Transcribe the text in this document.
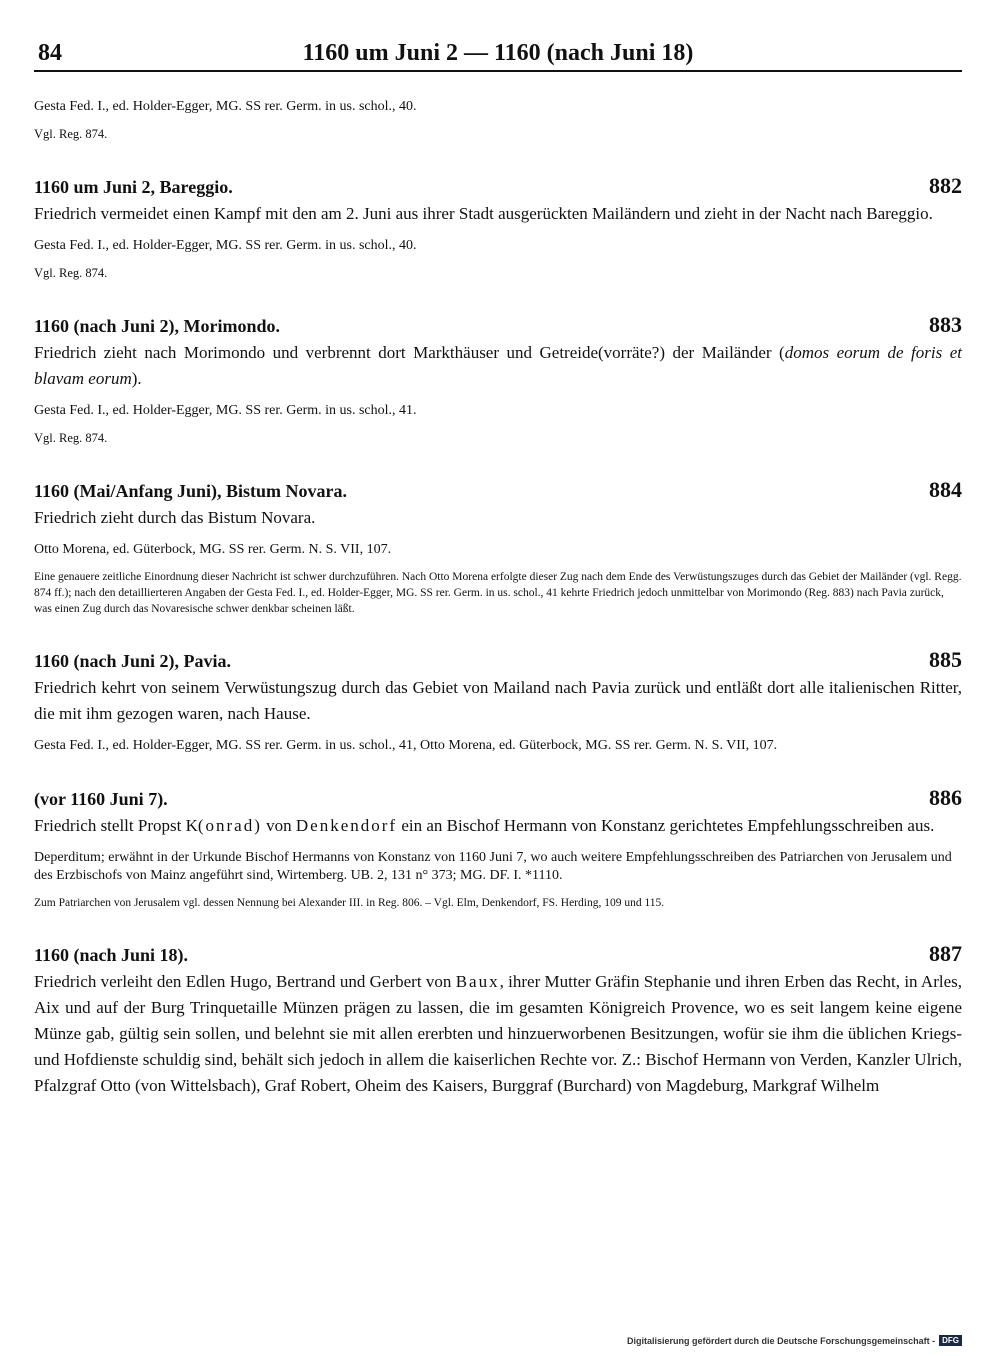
84	1160 um Juni 2 — 1160 (nach Juni 18)

Gesta Fed. I., ed. Holder-Egger, MG. SS rer. Germ. in us. schol., 40.

Vgl. Reg. 874.

1160 um Juni 2, Bareggio.	882

Friedrich vermeidet einen Kampf mit den am 2. Juni aus ihrer Stadt ausgerückten Mailändern und zieht in der Nacht nach Bareggio.

Gesta Fed. I., ed. Holder-Egger, MG. SS rer. Germ. in us. schol., 40.

Vgl. Reg. 874.

1160 (nach Juni 2), Morimondo.	883

Friedrich zieht nach Morimondo und verbrennt dort Markthäuser und Getreide(vorräte?) der Mailänder (domos eorum de foris et blavam eorum).

Gesta Fed. I., ed. Holder-Egger, MG. SS rer. Germ. in us. schol., 41.

Vgl. Reg. 874.

1160 (Mai/Anfang Juni), Bistum Novara.	884

Friedrich zieht durch das Bistum Novara.

Otto Morena, ed. Güterbock, MG. SS rer. Germ. N. S. VII, 107.

Eine genauere zeitliche Einordnung dieser Nachricht ist schwer durchzuführen. Nach Otto Morena erfolgte dieser Zug nach dem Ende des Verwüstungszuges durch das Gebiet der Mailänder (vgl. Regg. 874 ff.); nach den detaillierteren Angaben der Gesta Fed. I., ed. Holder-Egger, MG. SS rer. Germ. in us. schol., 41 kehrte Friedrich jedoch unmittelbar von Morimondo (Reg. 883) nach Pavia zurück, was einen Zug durch das Novaresische schwer denkbar scheinen läßt.

1160 (nach Juni 2), Pavia.	885

Friedrich kehrt von seinem Verwüstungszug durch das Gebiet von Mailand nach Pavia zurück und entläßt dort alle italienischen Ritter, die mit ihm gezogen waren, nach Hause.

Gesta Fed. I., ed. Holder-Egger, MG. SS rer. Germ. in us. schol., 41, Otto Morena, ed. Güterbock, MG. SS rer. Germ. N. S. VII, 107.

(vor 1160 Juni 7).	886

Friedrich stellt Propst K(onrad) von Denkendorf ein an Bischof Hermann von Konstanz gerichtetes Empfehlungsschreiben aus.

Deperditum; erwähnt in der Urkunde Bischof Hermanns von Konstanz von 1160 Juni 7, wo auch weitere Empfehlungsschreiben des Patriarchen von Jerusalem und des Erzbischofs von Mainz angeführt sind, Wirtemberg. UB. 2, 131 n° 373; MG. DF. I. *1110.

Zum Patriarchen von Jerusalem vgl. dessen Nennung bei Alexander III. in Reg. 806. – Vgl. Elm, Denkendorf, FS. Herding, 109 und 115.

1160 (nach Juni 18).	887

Friedrich verleiht den Edlen Hugo, Bertrand und Gerbert von Baux, ihrer Mutter Gräfin Stephanie und ihren Erben das Recht, in Arles, Aix und auf der Burg Trinquetaille Münzen prägen zu lassen, die im gesamten Königreich Provence, wo es seit langem keine eigene Münze gab, gültig sein sollen, und belehnt sie mit allen ererbten und hinzuerworbenen Besitzungen, wofür sie ihm die üblichen Kriegs- und Hofdienste schuldig sind, behält sich jedoch in allem die kaiserlichen Rechte vor. Z.: Bischof Hermann von Verden, Kanzler Ulrich, Pfalzgraf Otto (von Wittelsbach), Graf Robert, Oheim des Kaisers, Burggraf (Burchard) von Magdeburg, Markgraf Wilhelm

Digitalisierung gefördert durch die Deutsche Forschungsgemeinschaft - DFG
